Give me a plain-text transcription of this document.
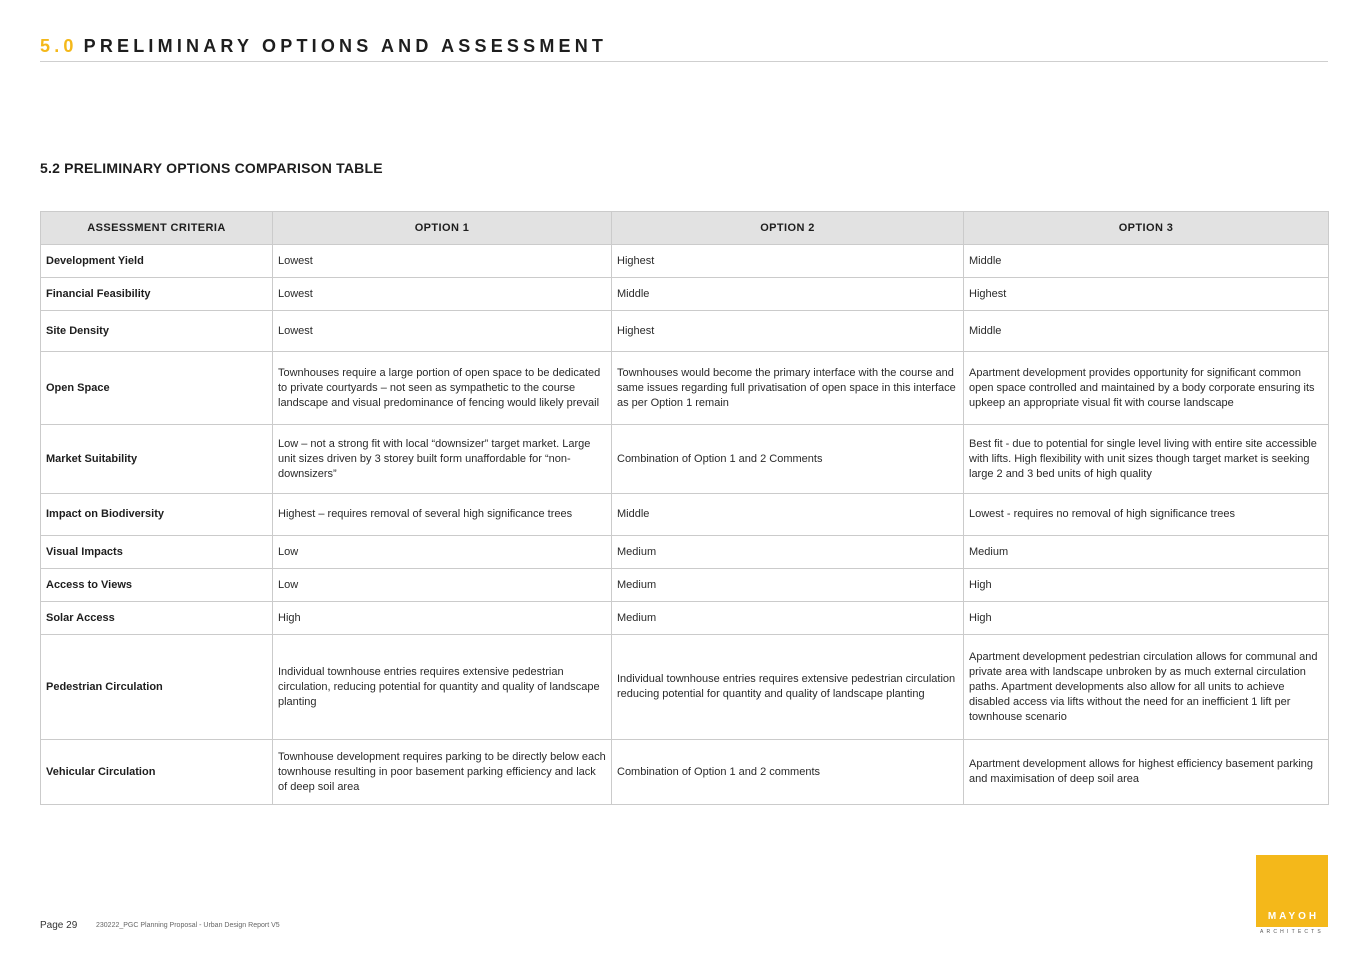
5.0 PRELIMINARY OPTIONS AND ASSESSMENT
5.2 PRELIMINARY OPTIONS COMPARISON TABLE
ASSESSMENT CRITERIA	OPTION 1	OPTION 2	OPTION 3
Development Yield	Lowest	Highest	Middle
Financial Feasibility	Lowest	Middle	Highest
Site Density	Lowest	Highest	Middle
Open Space	Townhouses require a large portion of open space to be dedicated to private courtyards – not seen as sympathetic to the course landscape and visual predominance of fencing would likely prevail	Townhouses would become the primary interface with the course and same issues regarding full privatisation of open space in this interface as per Option 1 remain	Apartment development provides opportunity for significant common open space controlled and maintained by a body corporate ensuring its upkeep an appropriate visual fit with course landscape
Market Suitability	Low – not a strong fit with local “downsizer” target market. Large unit sizes driven by 3 storey built form unaffordable for “non-downsizers”	Combination of Option 1 and 2 Comments	Best fit - due to potential for single level living with entire site accessible with lifts. High flexibility with unit sizes though target market is seeking large 2 and 3 bed units of high quality
Impact on Biodiversity	Highest – requires removal of several high significance trees	Middle	Lowest - requires no removal of high significance trees
Visual Impacts	Low	Medium	Medium
Access to Views	Low	Medium	High
Solar Access	High	Medium	High
Pedestrian Circulation	Individual townhouse entries requires extensive pedestrian circulation, reducing potential for quantity and quality of landscape planting	Individual townhouse entries requires extensive pedestrian circulation reducing potential for quantity and quality of landscape planting	Apartment development pedestrian circulation allows for communal and private area with landscape unbroken by as much external circulation paths. Apartment developments also allow for all units to achieve disabled access via lifts without the need for an inefficient 1 lift per townhouse scenario
Vehicular Circulation	Townhouse development requires parking to be directly below each townhouse resulting in poor basement parking efficiency and lack of deep soil area	Combination of Option 1 and 2 comments	Apartment development allows for highest efficiency basement parking and maximisation of deep soil area
Page 29	230222_PGC Planning Proposal - Urban Design Report V5
MAYOH
ARCHITECTS
